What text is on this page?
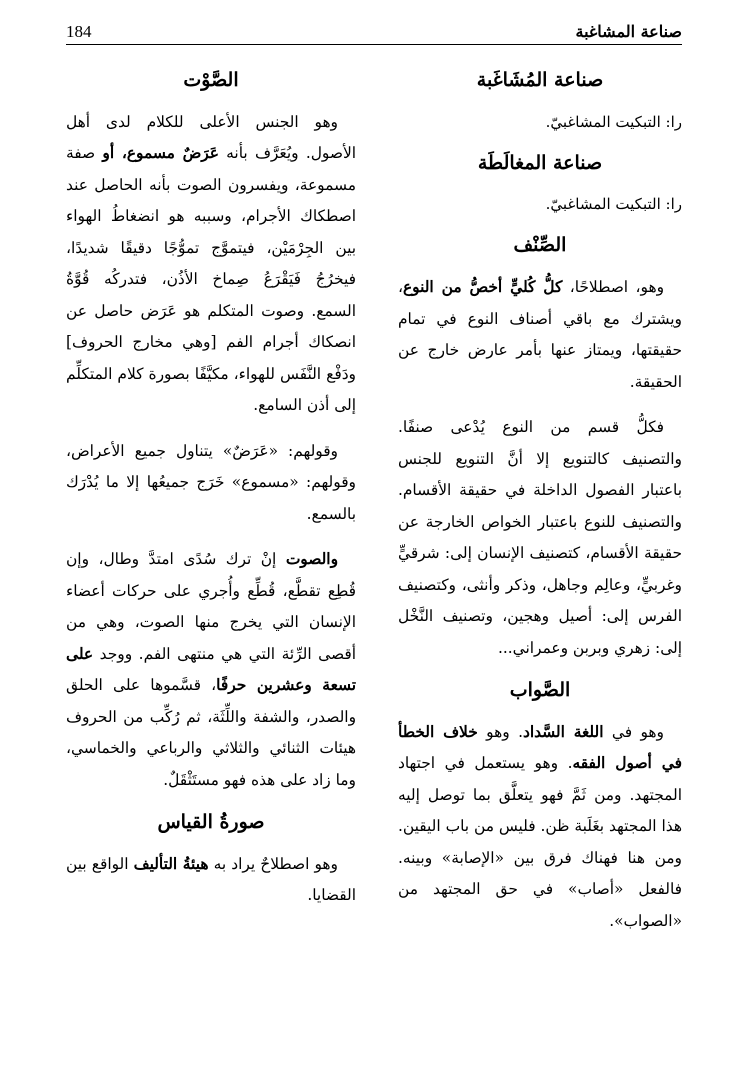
184	صناعة المشاغبة
صناعة المُشَاغَبة
را: التبكيت المشاغبيّ.
صناعة المغالَطَة
را: التبكيت المشاغبيّ.
الصِّنْف

وهو، اصطلاحًا، كلُّ كُليٍّ أخصُّ من النوع، ويشترك مع باقي أصناف النوع في تمام حقيقتها، ويمتاز عنها بأمر عارض خارج عن الحقيقة.

فكلُّ قسم من النوع يُدْعى صنفًا. والتصنيف كالتنويع إلا أنَّ التنويع للجنس باعتبار الفصول الداخلة في حقيقة الأقسام. والتصنيف للنوع باعتبار الخواص الخارجة عن حقيقة الأقسام، كتصنيف الإنسان إلى: شرقيٍّ وغربيٍّ، وعالِم وجاهل، وذكر وأنثى، وكتصنيف الفرس إلى: أصيل وهجين، وتصنيف النَّخْل إلى: زهري وبربن وعمراني...

الصَّواب

وهو في اللغة السَّداد. وهو خلاف الخطأ في أصول الفقه. وهو يستعمل في اجتهاد المجتهد. ومن ثَمَّ فهو يتعلَّق بما توصل إليه هذا المجتهد بغَلَبة ظن. فليس من باب اليقين. ومن هنا فهناك فرق بين «الإصابة» وبينه. فالفعل «أصاب» في حق المجتهد من «الصواب».

الصَّوْت

وهو الجنس الأعلى للكلام لدى أهل الأصول. ويُعَرَّف بأنه عَرَضٌ مسموع، أو صفة مسموعة، ويفسرون الصوت بأنه الحاصل عند اصطكاك الأجرام، وسببه هو انضغاطُ الهواء بين الجِرْمَيْن، فيتموَّج تموُّجًا دقيقًا شديدًا، فيخرُجُ فَيَقْرَعُ صِماخ الأذُن، فتدركُه قُوَّةُ السمع. وصوت المتكلم هو عَرَض حاصل عن انصكاك أجرام الفم [وهي مخارج الحروف] ودَفْع النَّفَس للهواء، مكيَّفًا بصورة كلام المتكلِّم إلى أذن السامع.

وقولهم: «عَرَضٌ» يتناول جميع الأعراض، وقولهم: «مسموع» خَرَج جميعُها إلا ما يُدْرَك بالسمع.

والصوت إنْ ترك سُدًى امتدَّ وطال، وإن قُطِع تقطَّع، قُطِّع وأُجري على حركات أعضاء الإنسان التي يخرج منها الصوت، وهي من أقصى الرِّئة التي هي منتهى الفم. ووجد على تسعة وعشرين حرفًا، قسَّموها على الحلق والصدر، والشفة واللِّثَة، ثم رُكِّب من الحروف هيئات الثنائي والثلاثي والرباعي والخماسي، وما زاد على هذه فهو مستَثْقَلٌ.

صورةُ القياس

وهو اصطلاحٌ يراد به هيئةُ التأليف الواقع بين القضايا.
